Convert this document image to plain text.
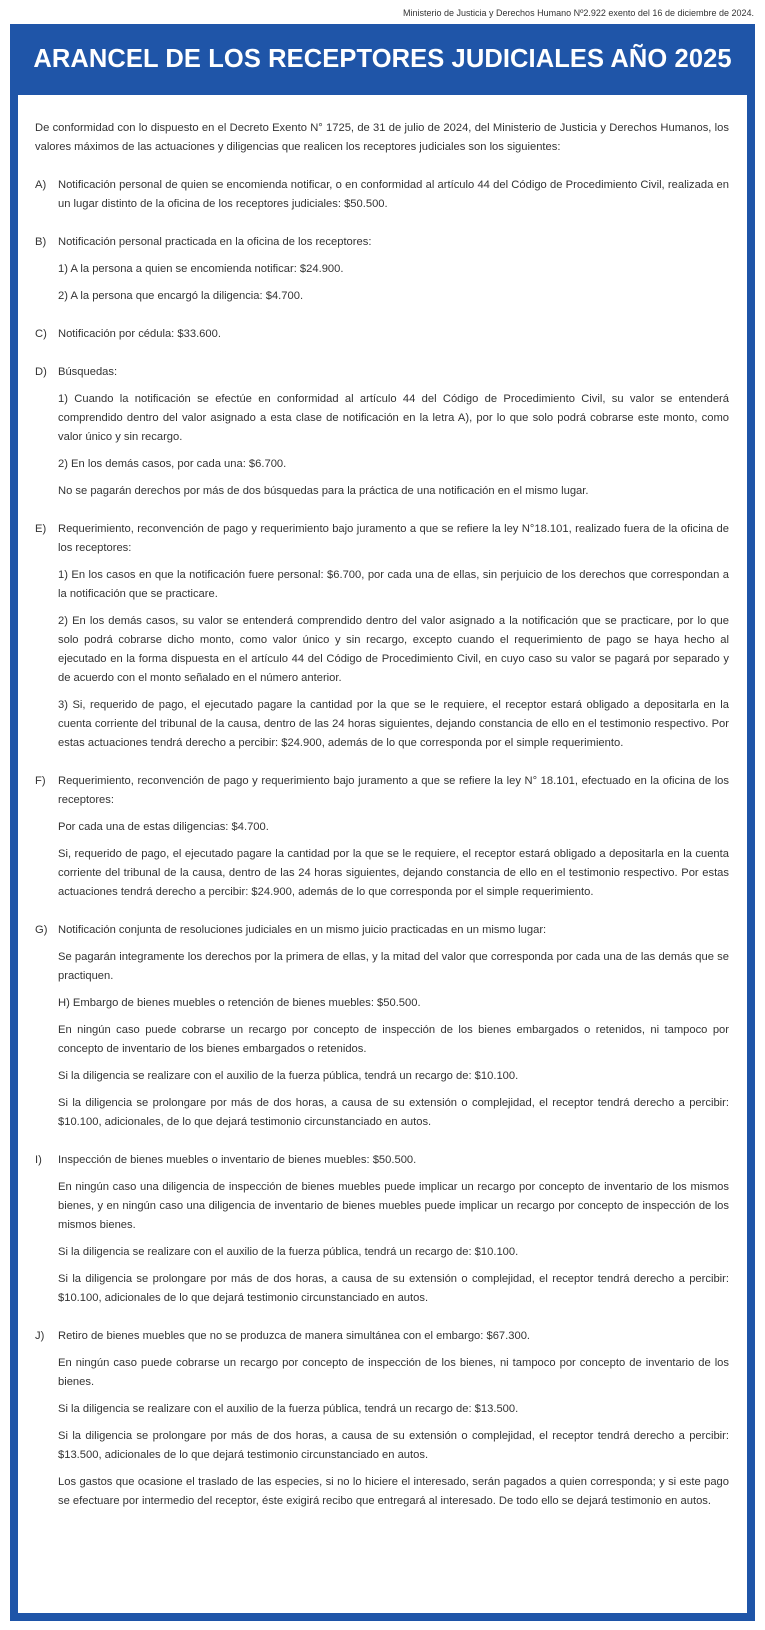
Ministerio de Justicia y Derechos Humano Nº2.922 exento del 16 de diciembre de 2024.
ARANCEL DE LOS RECEPTORES JUDICIALES AÑO 2025

De conformidad con lo dispuesto en el Decreto Exento N° 1725, de 31 de julio de 2024, del Ministerio de Justicia y Derechos Humanos, los valores máximos de las actuaciones y diligencias que realicen los receptores judiciales son los siguientes:

A)	Notificación personal de quien se encomienda notificar, o en conformidad al artículo 44 del Código de Procedimiento Civil, realizada en un lugar distinto de la oficina de los receptores judiciales: $50.500.

B)	Notificación personal practicada en la oficina de los receptores:

1) A la persona a quien se encomienda notificar: $24.900.

2) A la persona que encargó la diligencia: $4.700.

C) Notificación por cédula: $33.600.

D) Búsquedas:

1) Cuando la notificación se efectúe en conformidad al artículo 44 del Código de Procedimiento Civil, su valor se entenderá comprendido dentro del valor asignado a esta clase de notificación en la letra A), por lo que solo podrá cobrarse este monto, como valor único y sin recargo.

2) En los demás casos, por cada una: $6.700.

No se pagarán derechos por más de dos búsquedas para la práctica de una notificación en el mismo lugar.

E)	Requerimiento, reconvención de pago y requerimiento bajo juramento a que se refiere la ley N°18.101, realizado fuera de la oficina de los receptores:

1) En los casos en que la notificación fuere personal: $6.700, por cada una de ellas, sin perjuicio de los derechos que correspondan a la notificación que se practicare.

2) En los demás casos, su valor se entenderá comprendido dentro del valor asignado a la notificación que se practicare, por lo que solo podrá cobrarse dicho monto, como valor único y sin recargo, excepto cuando el requerimiento de pago se haya hecho al ejecutado en la forma dispuesta en el artículo 44 del Código de Procedimiento Civil, en cuyo caso su valor se pagará por separado y de acuerdo con el monto señalado en el número anterior.

3) Si, requerido de pago, el ejecutado pagare la cantidad por la que se le requiere, el receptor estará obligado a depositarla en la cuenta corriente del tribunal de la causa, dentro de las 24 horas siguientes, dejando constancia de ello en el testimonio respectivo. Por estas actuaciones tendrá derecho a percibir: $24.900, además de lo que corresponda por el simple requerimiento.

F)	Requerimiento, reconvención de pago y requerimiento bajo juramento a que se refiere la ley N° 18.101, efectuado en la oficina de los receptores:

Por cada una de estas diligencias: $4.700.

Si, requerido de pago, el ejecutado pagare la cantidad por la que se le requiere, el receptor estará obligado a depositarla en la cuenta corriente del tribunal de la causa, dentro de las 24 horas siguientes, dejando constancia de ello en el testimonio respectivo. Por estas actuaciones tendrá derecho a percibir: $24.900, además de lo que corresponda por el simple requerimiento.

G) Notificación conjunta de resoluciones judiciales en un mismo juicio practicadas en un mismo lugar:

Se pagarán integramente los derechos por la primera de ellas, y la mitad del valor que corresponda por cada una de las demás que se practiquen.

H) Embargo de bienes muebles o retención de bienes muebles: $50.500.

En ningún caso puede cobrarse un recargo por concepto de inspección de los bienes embargados o retenidos, ni tampoco por concepto de inventario de los bienes embargados o retenidos.

Si la diligencia se realizare con el auxilio de la fuerza pública, tendrá un recargo de: $10.100.

Si la diligencia se prolongare por más de dos horas, a causa de su extensión o complejidad, el receptor tendrá derecho a percibir: $10.100, adicionales, de lo que dejará testimonio circunstanciado en autos.

I)	Inspección de bienes muebles o inventario de bienes muebles: $50.500.

En ningún caso una diligencia de inspección de bienes muebles puede implicar un recargo por concepto de inventario de los mismos bienes, y en ningún caso una diligencia de inventario de bienes muebles puede implicar un recargo por concepto de inspección de los mismos bienes.

Si la diligencia se realizare con el auxilio de la fuerza pública, tendrá un recargo de: $10.100.

Si la diligencia se prolongare por más de dos horas, a causa de su extensión o complejidad, el receptor tendrá derecho a percibir: $10.100, adicionales de lo que dejará testimonio circunstanciado en autos.

J)	Retiro de bienes muebles que no se produzca de manera simultánea con el embargo: $67.300.

En ningún caso puede cobrarse un recargo por concepto de inspección de los bienes, ni tampoco por concepto de inventario de los bienes.

Si la diligencia se realizare con el auxilio de la fuerza pública, tendrá un recargo de: $13.500.

Si la diligencia se prolongare por más de dos horas, a causa de su extensión o complejidad, el receptor tendrá derecho a percibir: $13.500, adicionales de lo que dejará testimonio circunstanciado en autos.

Los gastos que ocasione el traslado de las especies, si no lo hiciere el interesado, serán pagados a quien corresponda; y si este pago se efectuare por intermedio del receptor, éste exigirá recibo que entregará al interesado. De todo ello se dejará testimonio en autos.
